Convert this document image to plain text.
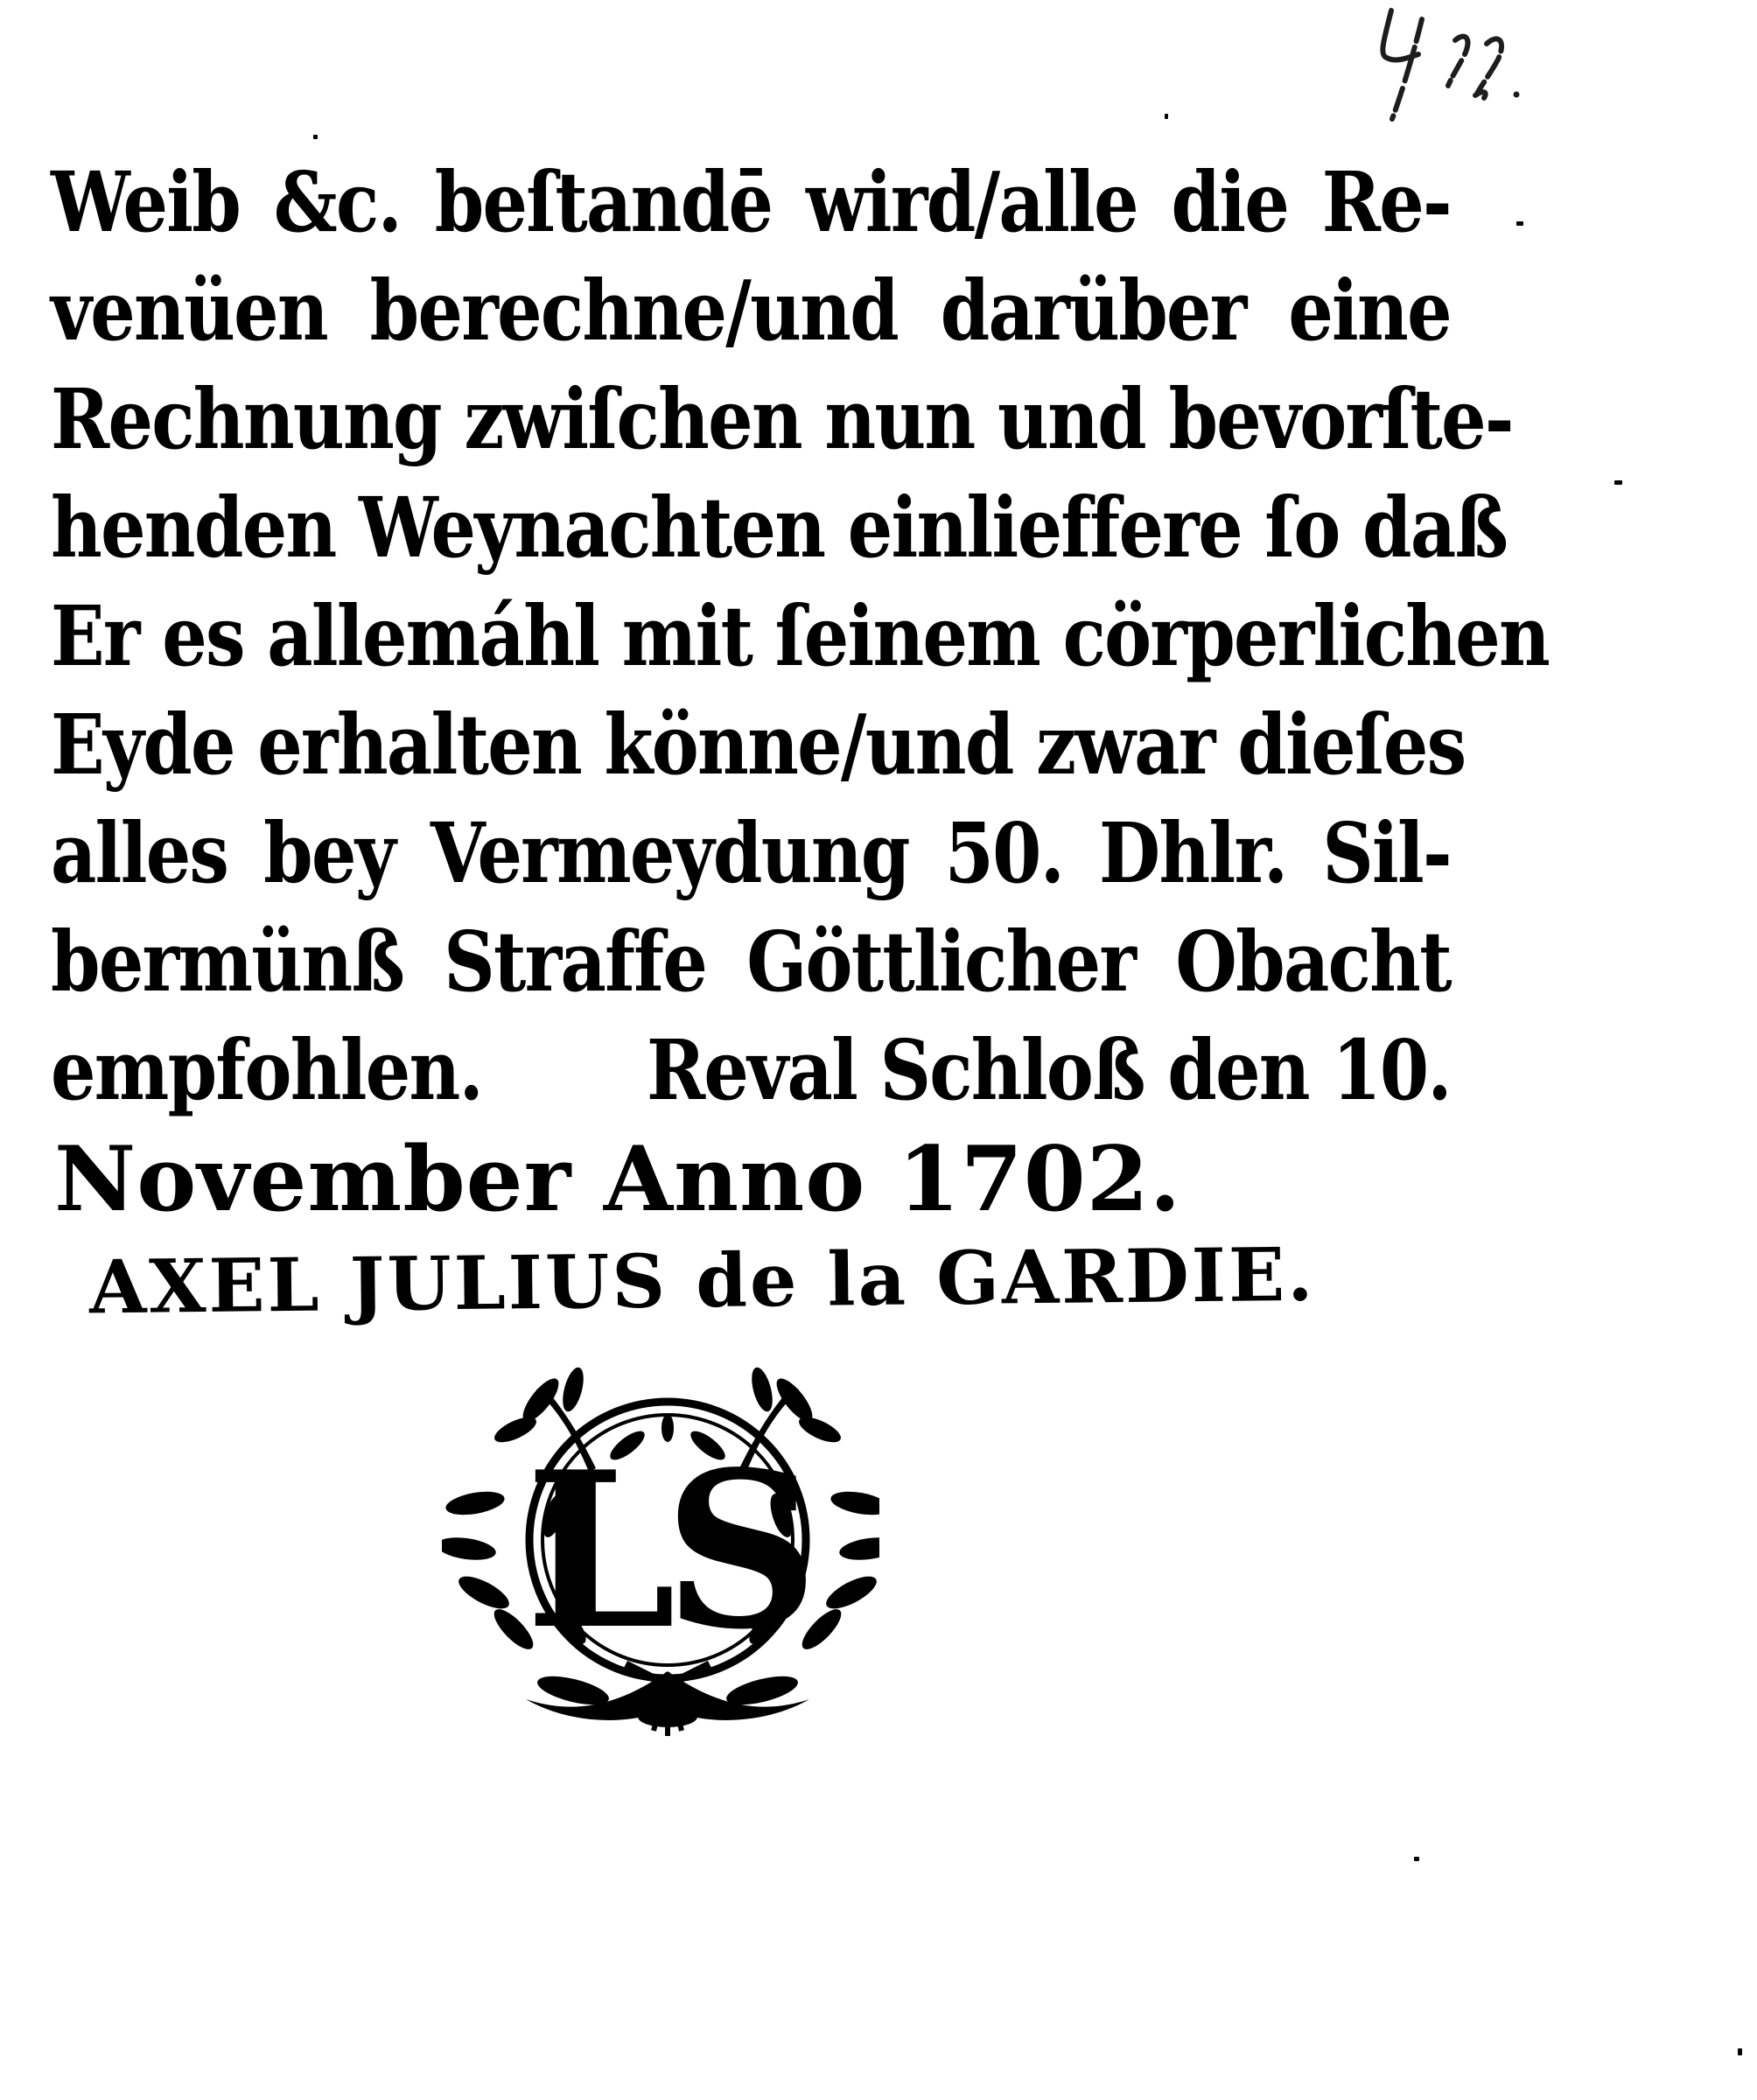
Weib &c. beſtandē wird/alle die Re-
venüen berechne/und darüber eine
Rechnung zwiſchen nun und bevorſte-
henden Weynachten einlieffere ſo daß
Er es allemáhl mit ſeinem cörperlichen
Eyde erhalten könne/und zwar dieſes
alles bey Vermeydung 50. Dhlr. Sil-
bermünß Straffe Göttlicher Obacht
empfohlen. Reval Schloß den 10.
November Anno 1702.
AXEL JULIUS de la GARDIE.
LS
